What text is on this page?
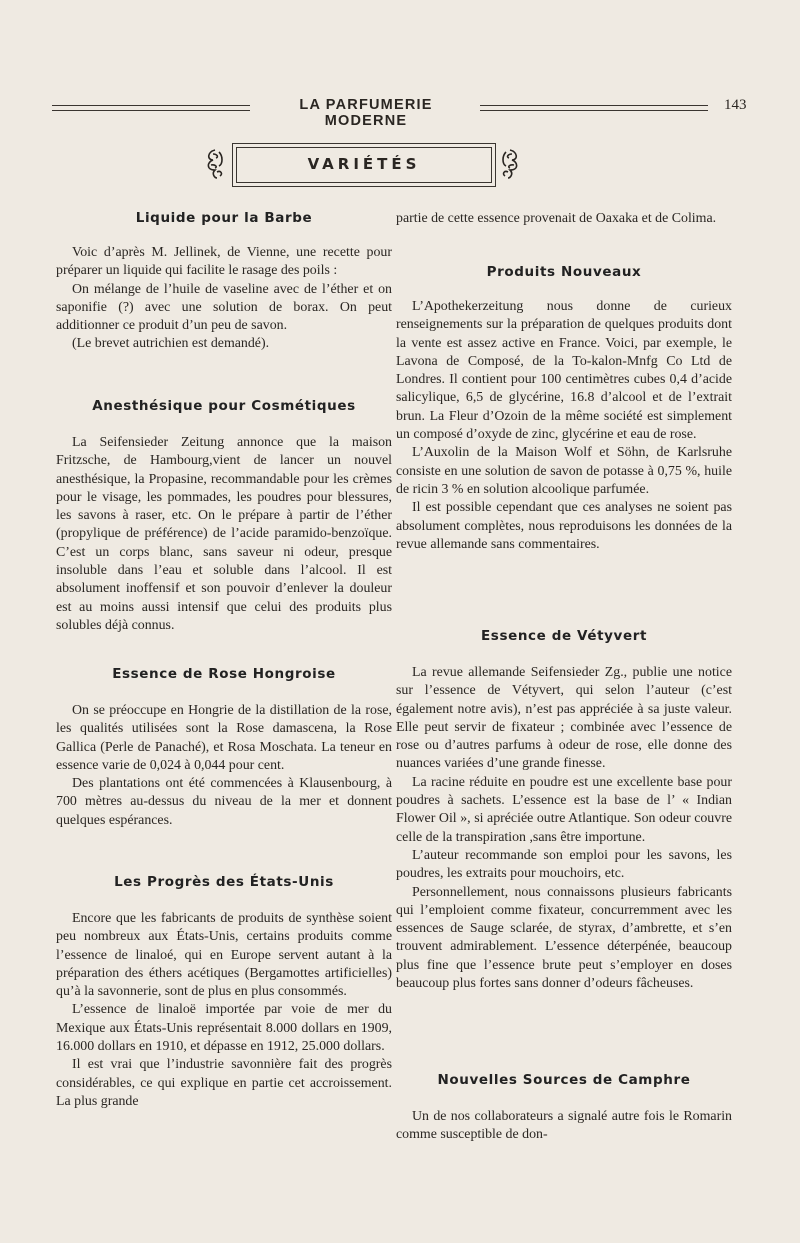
LA PARFUMERIE MODERNE
143
VARIÉTÉS
Liquide pour la Barbe

Voic d’après M. Jellinek, de Vienne, une recette pour préparer un liquide qui facilite le rasage des poils :

On mélange de l’huile de vaseline avec de l’éther et on saponifie (?) avec une solution de borax. On peut additionner ce produit d’un peu de savon.

(Le brevet autrichien est demandé).

Anesthésique pour Cosmétiques

La Seifensieder Zeitung annonce que la maison Fritzsche, de Hambourg,vient de lancer un nouvel anesthésique, la Propasine, recommandable pour les crèmes pour le visage, les pommades, les poudres pour blessures, les savons à raser, etc. On le prépare à partir de l’éther (propylique de préférence) de l’acide paramido-benzoïque. C’est un corps blanc, sans saveur ni odeur, presque insoluble dans l’eau et soluble dans l’alcool. Il est absolument inoffensif et son pouvoir d’enlever la douleur est au moins aussi intensif que celui des produits plus solubles déjà connus.

Essence de Rose Hongroise

On se préoccupe en Hongrie de la distillation de la rose, les qualités utilisées sont la Rose damascena, la Rose Gallica (Perle de Panaché), et Rosa Moschata. La teneur en essence varie de 0,024 à 0,044 pour cent.

Des plantations ont été commencées à Klausenbourg, à 700 mètres au-dessus du niveau de la mer et donnent quelques espérances.

Les Progrès des États-Unis

Encore que les fabricants de produits de synthèse soient peu nombreux aux États-Unis, certains produits comme l’essence de linaloé, qui en Europe servent autant à la préparation des éthers acétiques (Bergamottes artificielles) qu’à la savonnerie, sont de plus en plus consommés.

L’essence de linaloë importée par voie de mer du Mexique aux États-Unis représentait 8.000 dollars en 1909, 16.000 dollars en 1910, et dépasse en 1912, 25.000 dollars.

Il est vrai que l’industrie savonnière fait des progrès considérables, ce qui explique en partie cet accroissement. La plus grande

partie de cette essence provenait de Oaxaka et de Colima.

Produits Nouveaux

L’Apothekerzeitung nous donne de curieux renseignements sur la préparation de quelques produits dont la vente est assez active en France. Voici, par exemple, le Lavona de Composé, de la To-kalon-Mnfg Co Ltd de Londres. Il contient pour 100 centimètres cubes 0,4 d’acide salicylique, 6,5 de glycérine, 16.8 d’alcool et de l’extrait brun. La Fleur d’Ozoin de la même société est simplement un composé d’oxyde de zinc, glycérine et eau de rose.

L’Auxolin de la Maison Wolf et Söhn, de Karlsruhe consiste en une solution de savon de potasse à 0,75 %, huile de ricin 3 % en solution alcoolique parfumée.

Il est possible cependant que ces analyses ne soient pas absolument complètes, nous reproduisons les données de la revue allemande sans commentaires.

Essence de Vétyvert

La revue allemande Seifensieder Zg., publie une notice sur l’essence de Vétyvert, qui selon l’auteur (c’est également notre avis), n’est pas appréciée à sa juste valeur. Elle peut servir de fixateur ; combinée avec l’essence de rose ou d’autres parfums à odeur de rose, elle donne des nuances variées d’une grande finesse.

La racine réduite en poudre est une excellente base pour poudres à sachets. L’essence est la base de l’ « Indian Flower Oil », si apréciée outre Atlantique. Son odeur couvre celle de la transpiration ,sans être importune.

L’auteur recommande son emploi pour les savons, les poudres, les extraits pour mouchoirs, etc.

Personnellement, nous connaissons plusieurs fabricants qui l’emploient comme fixateur, concurremment avec les essences de Sauge sclarée, de styrax, d’ambrette, et s’en trouvent admirablement. L’essence déterpénée, beaucoup plus fine que l’essence brute peut s’employer en doses beaucoup plus fortes sans donner d’odeurs fâcheuses.

Nouvelles Sources de Camphre

Un de nos collaborateurs a signalé autre fois le Romarin comme susceptible de don-
